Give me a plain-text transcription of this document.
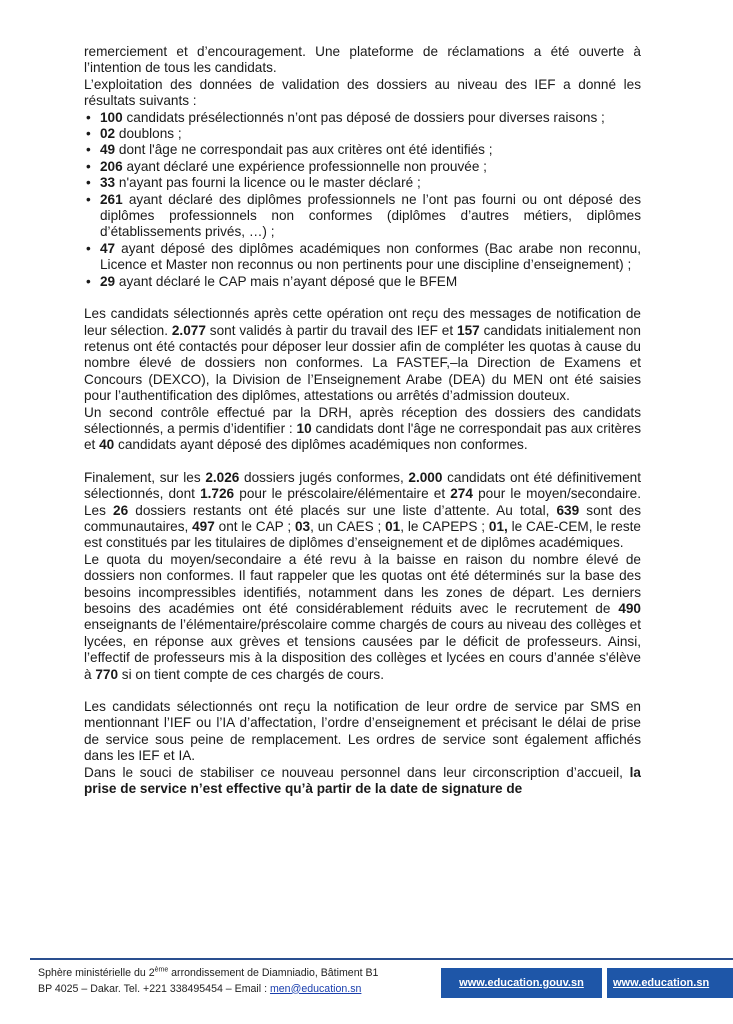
remerciement et d’encouragement. Une plateforme de réclamations a été ouverte à l’intention de tous les candidats.

L’exploitation des données de validation des dossiers au niveau des IEF a donné les résultats suivants :

• 100 candidats présélectionnés n’ont pas déposé de dossiers pour diverses raisons ;
• 02 doublons ;
• 49 dont l'âge ne correspondait pas aux critères ont été identifiés ;
• 206 ayant déclaré une expérience professionnelle non prouvée ;
• 33 n'ayant pas fourni la licence ou le master déclaré ;
• 261 ayant déclaré des diplômes professionnels ne l’ont pas fourni ou ont déposé des diplômes professionnels non conformes (diplômes d’autres métiers, diplômes d’établissements privés, …) ;
• 47 ayant déposé des diplômes académiques non conformes (Bac arabe non reconnu, Licence et Master non reconnus ou non pertinents pour une discipline d’enseignement) ;
• 29 ayant déclaré le CAP mais n’ayant déposé que le BFEM

Les candidats sélectionnés après cette opération ont reçu des messages de notification de leur sélection. 2.077 sont validés à partir du travail des IEF et 157 candidats initialement non retenus ont été contactés pour déposer leur dossier afin de compléter les quotas à cause du nombre élevé de dossiers non conformes. La FASTEF,–la Direction de Examens et Concours (DEXCO), la Division de l’Enseignement Arabe (DEA) du MEN ont été saisies pour l’authentification des diplômes, attestations ou arrêtés d’admission douteux.

Un second contrôle effectué par la DRH, après réception des dossiers des candidats sélectionnés, a permis d’identifier : 10 candidats dont l'âge ne correspondait pas aux critères et 40 candidats ayant déposé des diplômes académiques non conformes.

Finalement, sur les 2.026 dossiers jugés conformes, 2.000 candidats ont été définitivement sélectionnés, dont 1.726 pour le préscolaire/élémentaire et 274 pour le moyen/secondaire. Les 26 dossiers restants ont été placés sur une liste d’attente. Au total, 639 sont des communautaires, 497 ont le CAP ; 03, un CAES ; 01, le CAPEPS ; 01, le CAE-CEM, le reste est constitués par les titulaires de diplômes d’enseignement et de diplômes académiques.

Le quota du moyen/secondaire a été revu à la baisse en raison du nombre élevé de dossiers non conformes. Il faut rappeler que les quotas ont été déterminés sur la base des besoins incompressibles identifiés, notamment dans les zones de départ. Les derniers besoins des académies ont été considérablement réduits avec le recrutement de 490 enseignants de l’élémentaire/préscolaire comme chargés de cours au niveau des collèges et lycées, en réponse aux grèves et tensions causées par le déficit de professeurs. Ainsi, l’effectif de professeurs mis à la disposition des collèges et lycées en cours d’année s'élève à 770 si on tient compte de ces chargés de cours.

Les candidats sélectionnés ont reçu la notification de leur ordre de service par SMS en mentionnant l’IEF ou l’IA d’affectation, l’ordre d’enseignement et précisant le délai de prise de service sous peine de remplacement. Les ordres de service sont également affichés dans les IEF et IA.

Dans le souci de stabiliser ce nouveau personnel dans leur circonscription d’accueil, la prise de service n’est effective qu’à partir de la date de signature de

Sphère ministérielle du 2ème arrondissement de Diamniadio, Bâtiment B1
BP 4025 – Dakar. Tel. +221 338495454 – Email : men@education.sn	www.education.gouv.sn	www.education.sn
